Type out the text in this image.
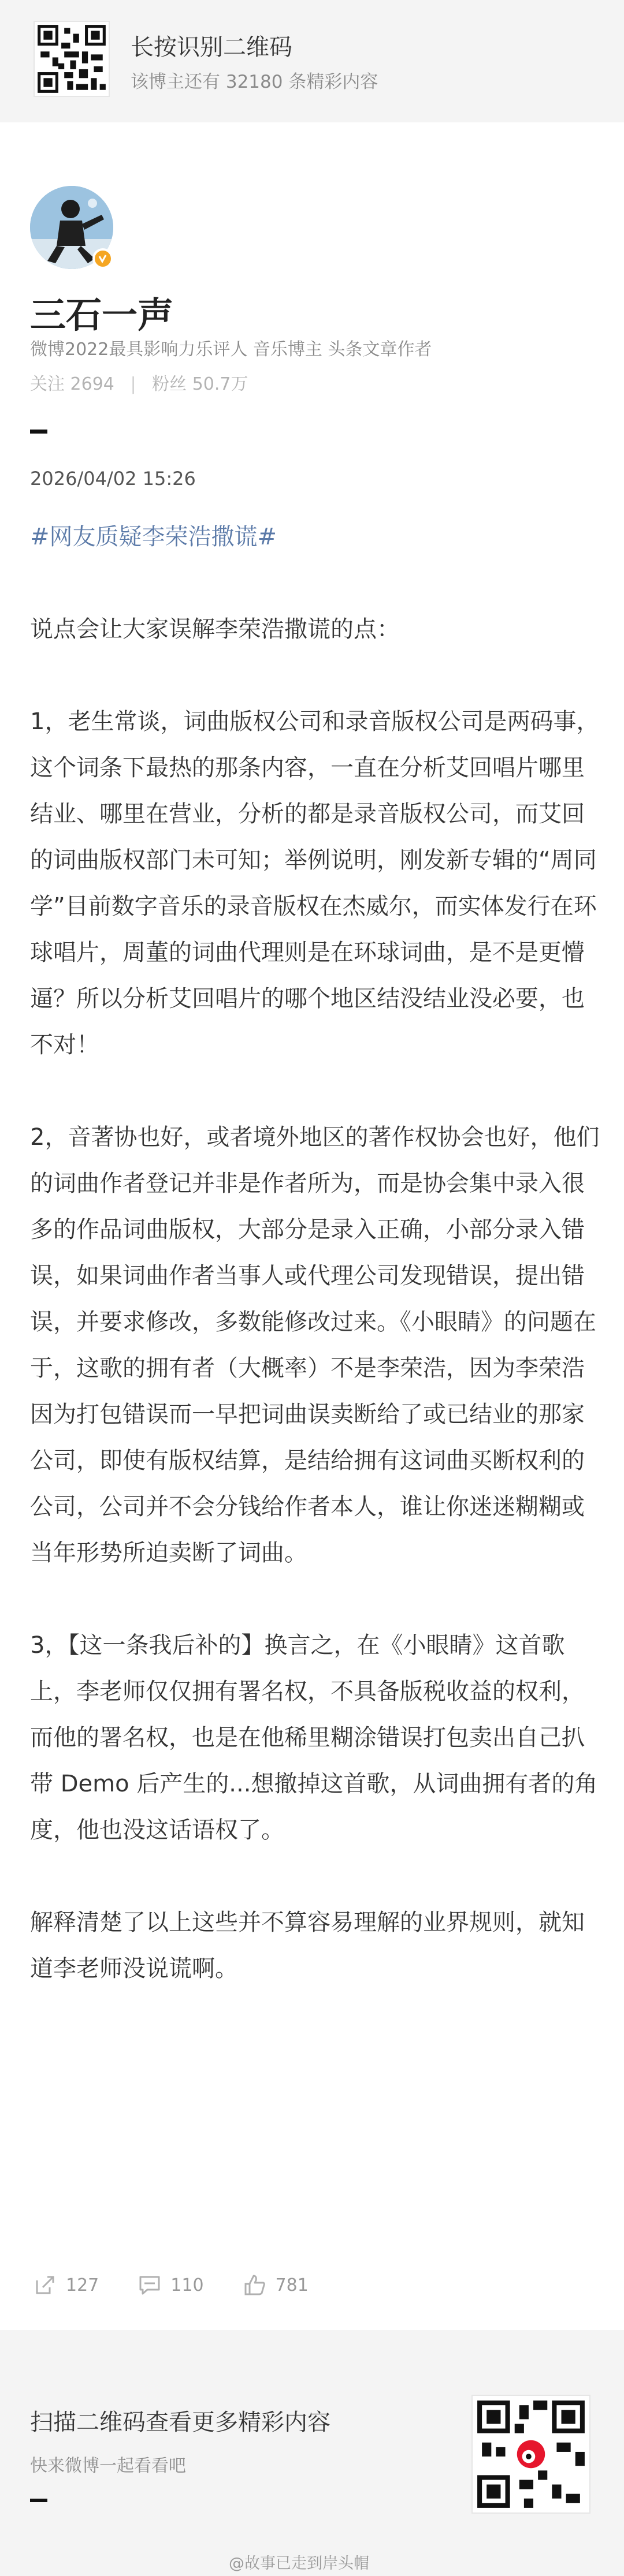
长按识别二维码
该博主还有 32180 条精彩内容
三石一声
微博2022最具影响力乐评人 音乐博主 头条文章作者
关注 2694 | 粉丝 50.7万
2026/04/02 15:26
#网友质疑李荣浩撒谎#

说点会让大家误解李荣浩撒谎的点：

1，老生常谈，词曲版权公司和录音版权公司是两码事，这个词条下最热的那条内容，一直在分析艾回唱片哪里结业、哪里在营业，分析的都是录音版权公司，而艾回的词曲版权部门未可知；举例说明，刚发新专辑的“周同学”目前数字音乐的录音版权在杰威尔，而实体发行在环球唱片，周董的词曲代理则是在环球词曲，是不是更懵逼？所以分析艾回唱片的哪个地区结没结业没必要，也不对！

2，音著协也好，或者境外地区的著作权协会也好，他们的词曲作者登记并非是作者所为，而是协会集中录入很多的作品词曲版权，大部分是录入正确，小部分录入错误，如果词曲作者当事人或代理公司发现错误，提出错误，并要求修改，多数能修改过来。《小眼睛》的问题在于，这歌的拥有者（大概率）不是李荣浩，因为李荣浩因为打包错误而一早把词曲误卖断给了或已结业的那家公司，即使有版权结算，是结给拥有这词曲买断权利的公司，公司并不会分钱给作者本人，谁让你迷迷糊糊或当年形势所迫卖断了词曲。

3，【这一条我后补的】换言之，在《小眼睛》这首歌上，李老师仅仅拥有署名权，不具备版税收益的权利，而他的署名权，也是在他稀里糊涂错误打包卖出自己扒带 Demo 后产生的...想撤掉这首歌，从词曲拥有者的角度，他也没这话语权了。

解释清楚了以上这些并不算容易理解的业界规则，就知道李老师没说谎啊。

127	110	781
扫描二维码查看更多精彩内容
快来微博一起看看吧
@故事已走到岸头帽
